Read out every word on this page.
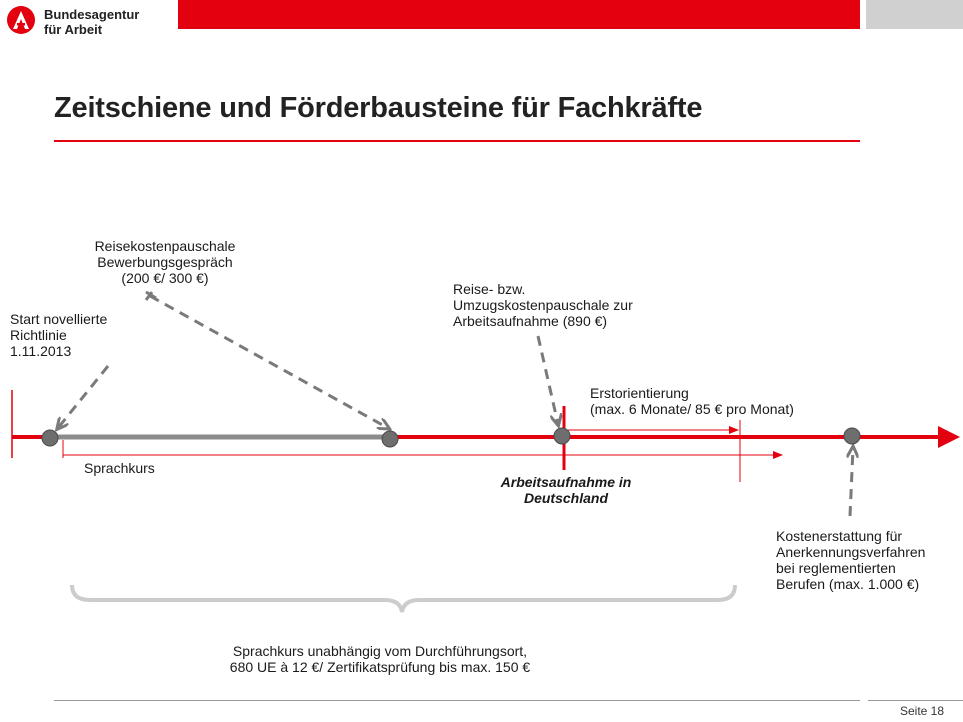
Bundesagentur
für Arbeit
Zeitschiene und Förderbausteine für Fachkräfte
Start novellierte
Richtlinie
1.11.2013
Reisekostenpauschale
Bewerbungsgespräch
(200 €/ 300 €)
Reise- bzw.
Umzugskostenpauschale zur
Arbeitsaufnahme (890 €)
Erstorientierung
(max. 6 Monate/ 85 € pro Monat)
Sprachkurs
Arbeitsaufnahme in
Deutschland
Kostenerstattung für
Anerkennungsverfahren
bei reglementierten
Berufen (max. 1.000 €)
Sprachkurs unabhängig vom Durchführungsort,
680 UE à 12 €/ Zertifikatsprüfung bis max. 150 €
Seite 18
